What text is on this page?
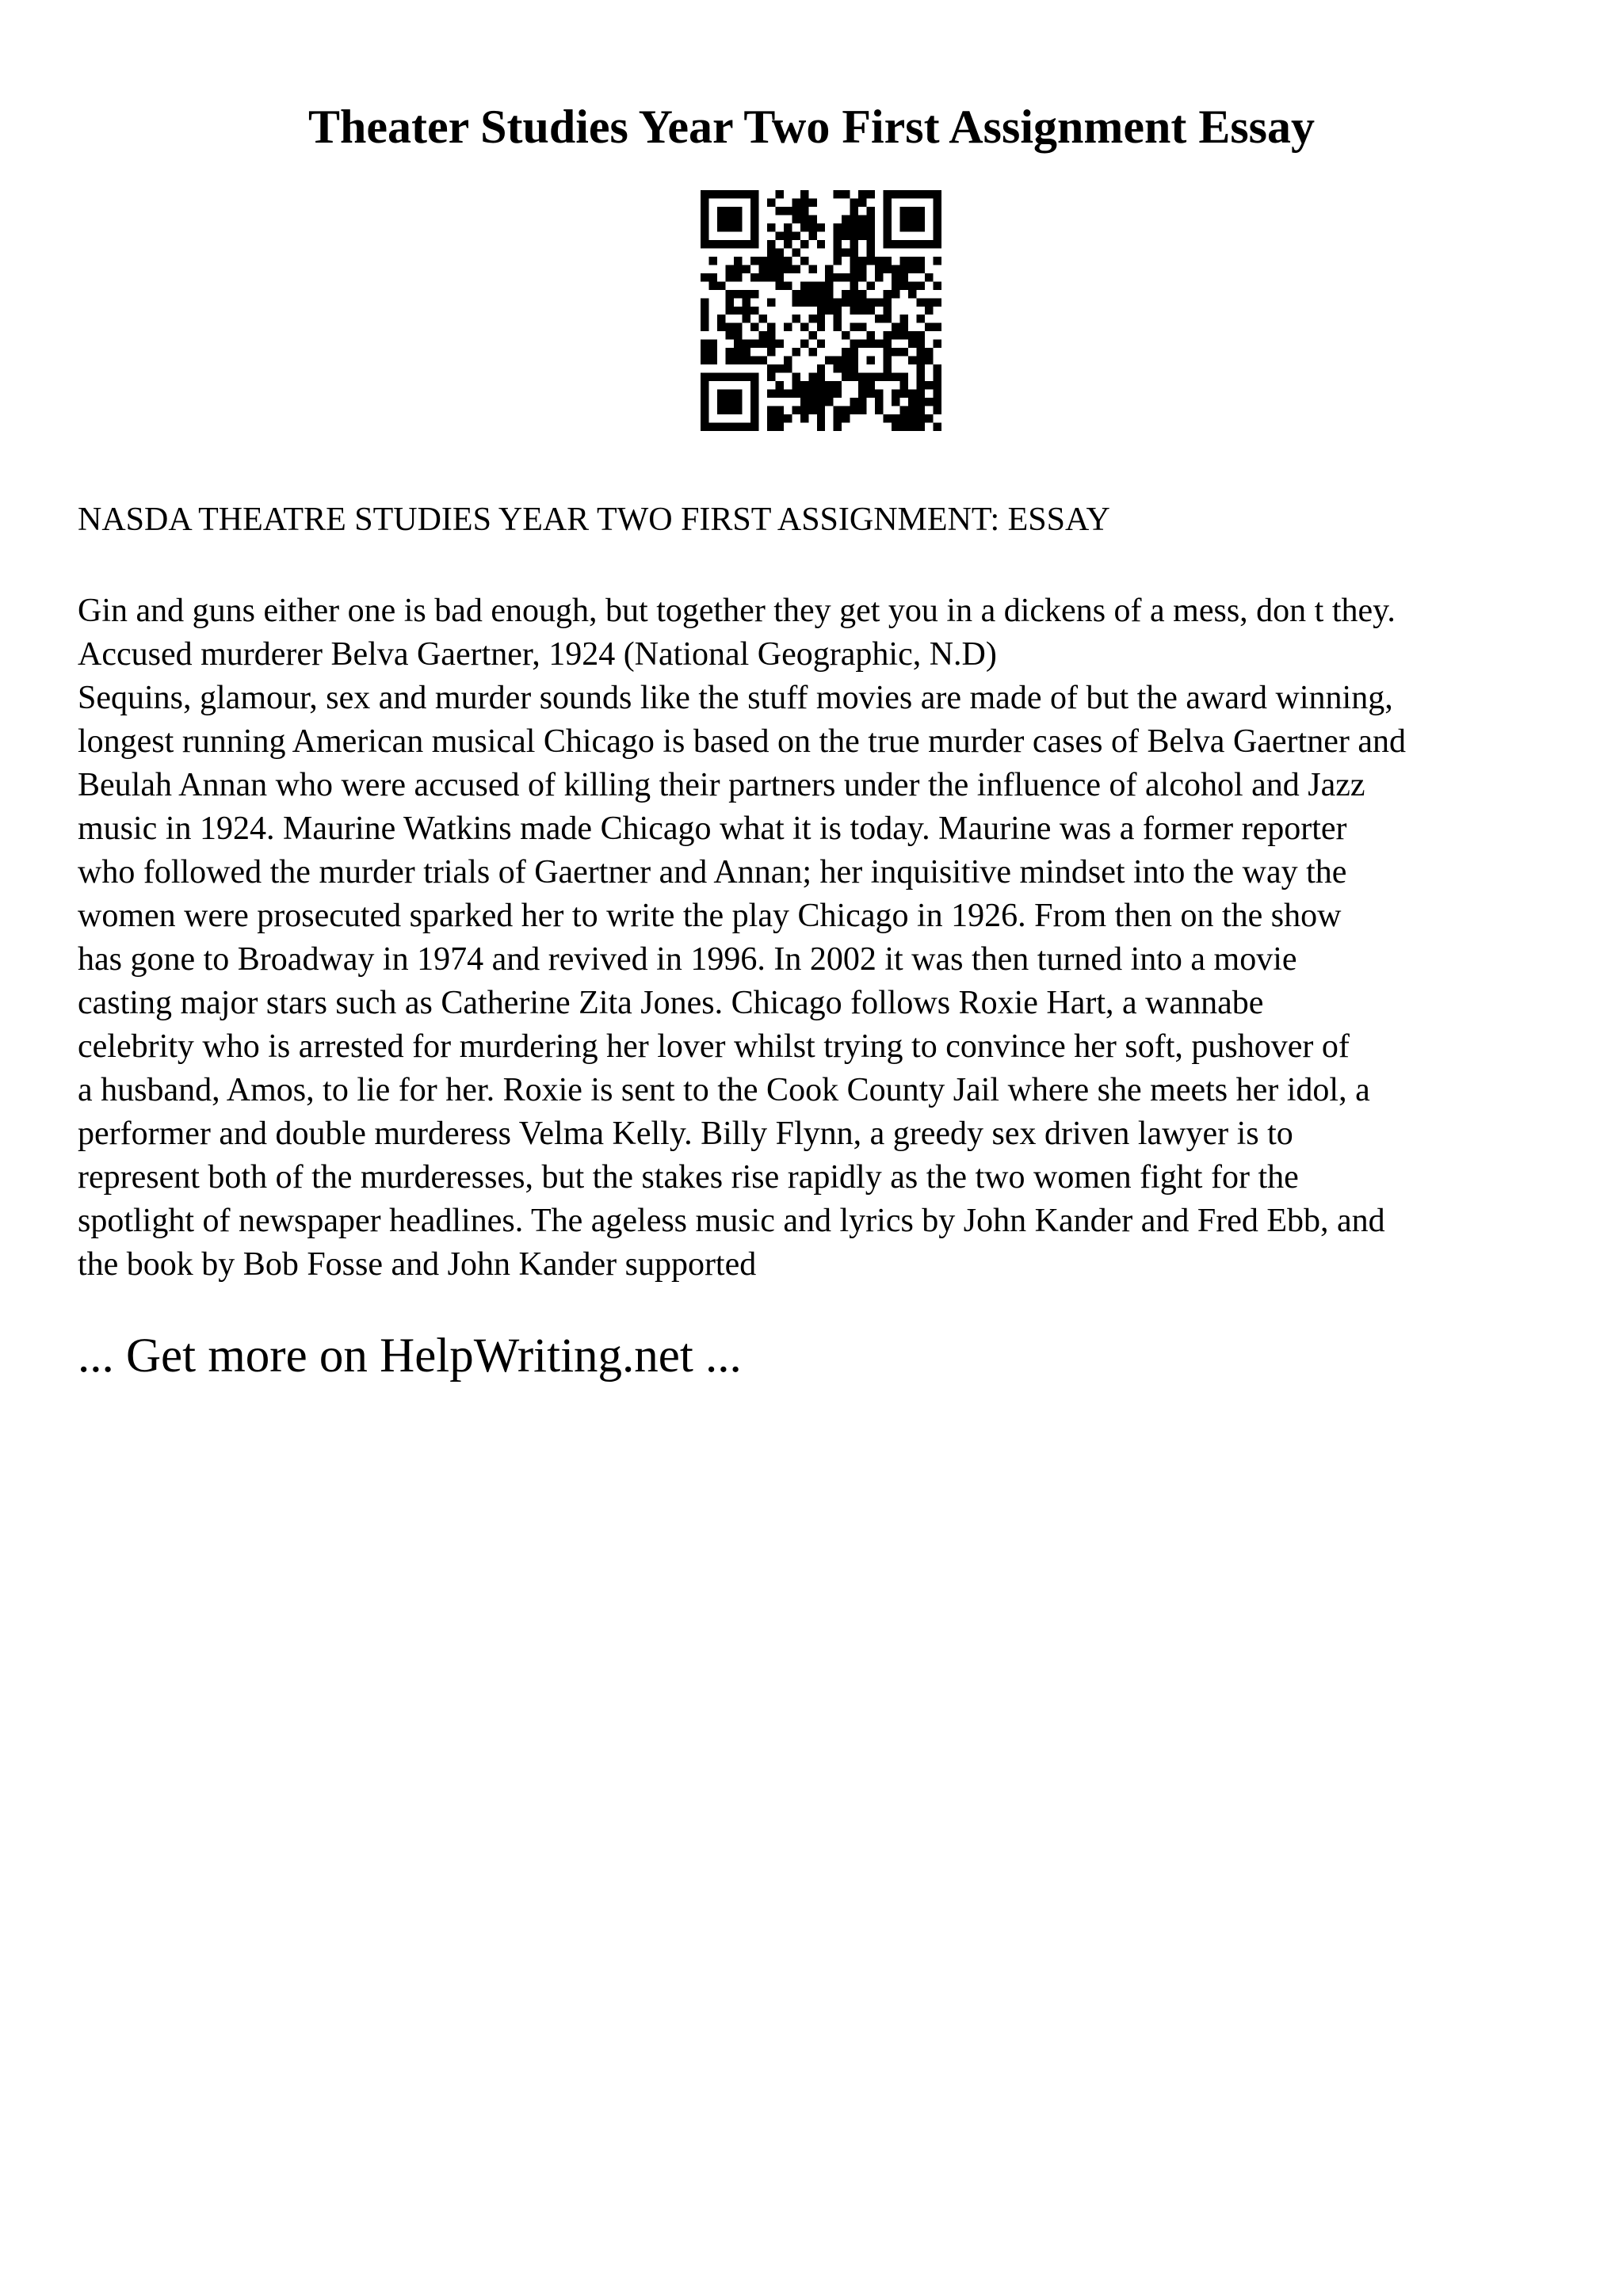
Theater Studies Year Two First Assignment Essay

NASDA THEATRE STUDIES YEAR TWO FIRST ASSIGNMENT: ESSAY

Gin and guns either one is bad enough, but together they get you in a dickens of a mess, don t they.
Accused murderer Belva Gaertner, 1924 (National Geographic, N.D)
Sequins, glamour, sex and murder sounds like the stuff movies are made of but the award winning,
longest running American musical Chicago is based on the true murder cases of Belva Gaertner and
Beulah Annan who were accused of killing their partners under the influence of alcohol and Jazz
music in 1924. Maurine Watkins made Chicago what it is today. Maurine was a former reporter
who followed the murder trials of Gaertner and Annan; her inquisitive mindset into the way the
women were prosecuted sparked her to write the play Chicago in 1926. From then on the show
has gone to Broadway in 1974 and revived in 1996. In 2002 it was then turned into a movie
casting major stars such as Catherine Zita Jones. Chicago follows Roxie Hart, a wannabe
celebrity who is arrested for murdering her lover whilst trying to convince her soft, pushover of
a husband, Amos, to lie for her. Roxie is sent to the Cook County Jail where she meets her idol, a
performer and double murderess Velma Kelly. Billy Flynn, a greedy sex driven lawyer is to
represent both of the murderesses, but the stakes rise rapidly as the two women fight for the
spotlight of newspaper headlines. The ageless music and lyrics by John Kander and Fred Ebb, and
the book by Bob Fosse and John Kander supported

... Get more on HelpWriting.net ...
